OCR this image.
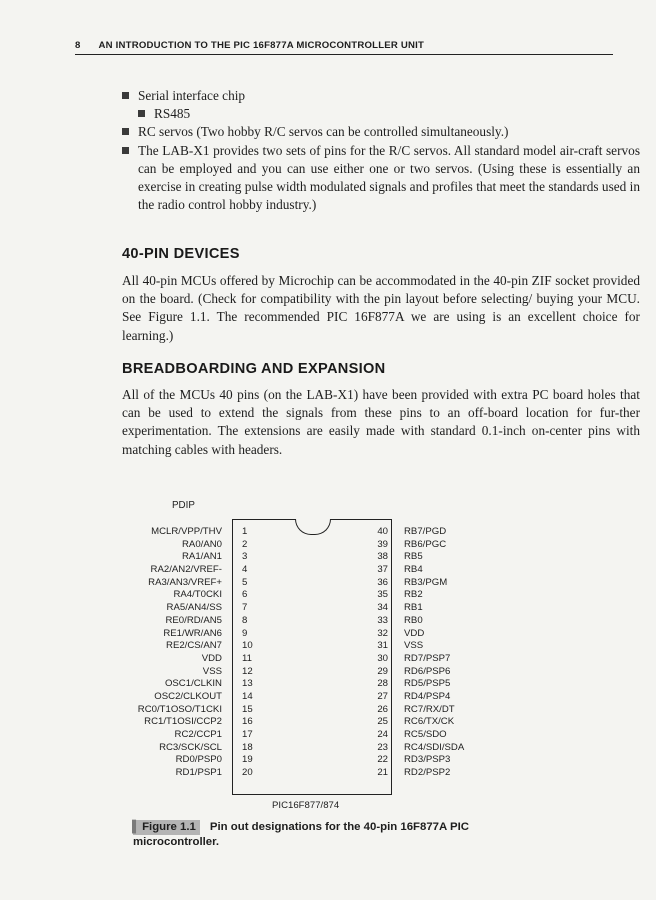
8 AN INTRODUCTION TO THE PIC 16F877A MICROCONTROLLER UNIT
Serial interface chip
RS485
RC servos (Two hobby R/C servos can be controlled simultaneously.)
The LAB-X1 provides two sets of pins for the R/C servos. All standard model air-craft servos can be employed and you can use either one or two servos. (Using these is essentially an exercise in creating pulse width modulated signals and profiles that meet the standards used in the radio control hobby industry.)
40-PIN DEVICES

All 40-pin MCUs offered by Microchip can be accommodated in the 40-pin ZIF socket provided on the board. (Check for compatibility with the pin layout before selecting/ buying your MCU. See Figure 1.1. The recommended PIC 16F877A we are using is an excellent choice for learning.)

BREADBOARDING AND EXPANSION

All of the MCUs 40 pins (on the LAB-X1) have been provided with extra PC board holes that can be used to extend the signals from these pins to an off-board location for fur-ther experimentation. The extensions are easily made with standard 0.1-inch on-center pins with matching cables with headers.

PDIP
MCLR/VPP/THV
RA0/AN0
RA1/AN1
RA2/AN2/VREF-
RA3/AN3/VREF+
RA4/T0CKI
RA5/AN4/SS
RE0/RD/AN5
RE1/WR/AN6
RE2/CS/AN7
VDD
VSS
OSC1/CLKIN
OSC2/CLKOUT
RC0/T1OSO/T1CKI
RC1/T1OSI/CCP2
RC2/CCP1
RC3/SCK/SCL
RD0/PSP0
RD1/PSP1
1
2
3
4
5
6
7
8
9
10
11
12
13
14
15
16
17
18
19
20
40
39
38
37
36
35
34
33
32
31
30
29
28
27
26
25
24
23
22
21
RB7/PGD
RB6/PGC
RB5
RB4
RB3/PGM
RB2
RB1
RB0
VDD
VSS
RD7/PSP7
RD6/PSP6
RD5/PSP5
RD4/PSP4
RC7/RX/DT
RC6/TX/CK
RC5/SDO
RC4/SDI/SDA
RD3/PSP3
RD2/PSP2
PIC16F877/874
▌ Figure 1.1 Pin out designations for the 40-pin 16F877A PIC microcontroller.
